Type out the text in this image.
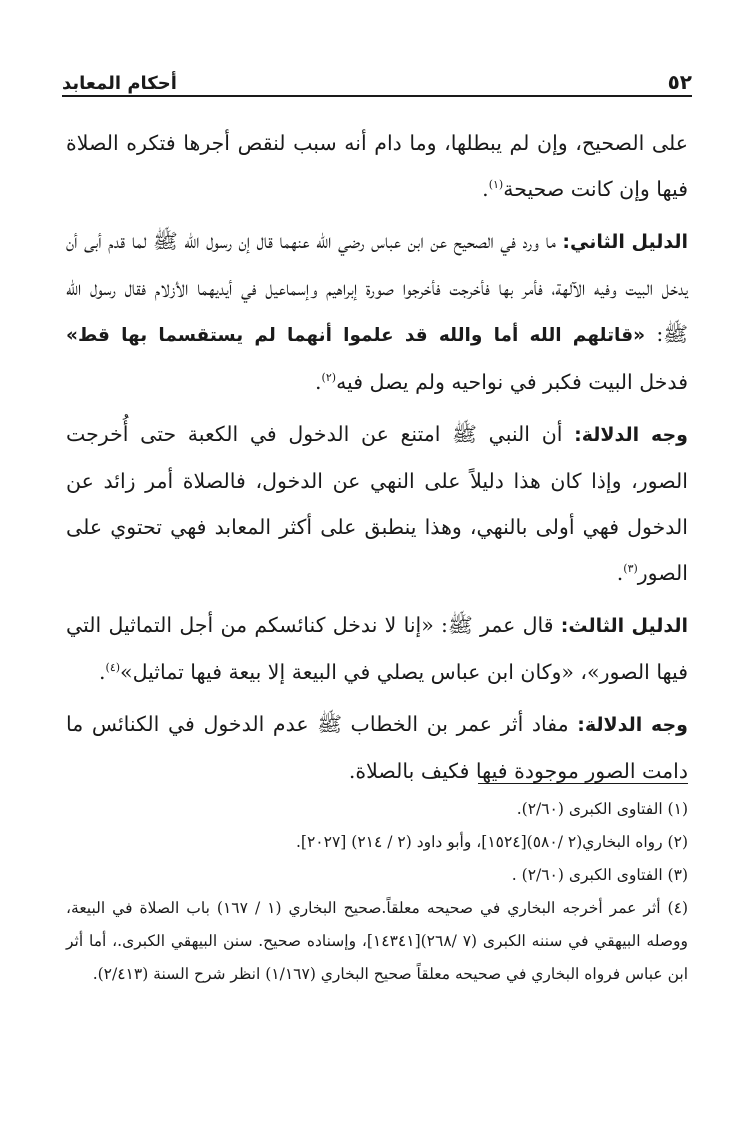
٥٢
أحكام المعابد

على الصحيح، وإن لم يبطلها، وما دام أنه سبب لنقص أجرها فتكره الصلاة فيها وإن كانت صحيحة$^{(١)}$.

الدليل الثاني: ما ورد في الصحيح عن ابن عباس رضي الله عنهما قال إن رسول الله ﷺ لما قدم أبى أن يدخل البيت وفيه الآلهة، فأمر بها فأخرجت فأخرجوا صورة إبراهيم وإسماعيل في أيديهما الأزلام فقال رسول الله ﷺ: «قاتلهم الله أما والله قد علموا أنهما لم يستقسما بها قط» فدخل البيت فكبر في نواحيه ولم يصل فيه$^{(٢)}$.

وجه الدلالة: أن النبي ﷺ امتنع عن الدخول في الكعبة حتى أُخرجت الصور، وإذا كان هذا دليلاً على النهي عن الدخول، فالصلاة أمر زائد عن الدخول فهي أولى بالنهي، وهذا ينطبق على أكثر المعابد فهي تحتوي على الصور$^{(٣)}$.

الدليل الثالث: قال عمر ﷺ: «إنا لا ندخل كنائسكم من أجل التماثيل التي فيها الصور»، «وكان ابن عباس يصلي في البيعة إلا بيعة فيها تماثيل»$^{(٤)}$.

وجه الدلالة: مفاد أثر عمر بن الخطاب ﷺ عدم الدخول في الكنائس ما دامت الصور موجودة فيها فكيف بالصلاة.

(١) الفتاوى الكبرى (٢/٦٠).
(٢) رواه البخاري(٢ /٥٨٠)[١٥٢٤]، وأبو داود (٢ / ٢١٤) [٢٠٢٧].
(٣) الفتاوى الكبرى (٢/٦٠) .
(٤) أثر عمر أخرجه البخاري في صحيحه معلقاً.صحيح البخاري (١ / ١٦٧) باب الصلاة في البيعة، ووصله البيهقي في سننه الكبرى (٧ /٢٦٨)[١٤٣٤١]، وإسناده صحيح. سنن البيهقي الكبرى.، أما أثر ابن عباس فرواه البخاري في صحيحه معلقاً صحيح البخاري (١/١٦٧) انظر شرح السنة (٢/٤١٣).
